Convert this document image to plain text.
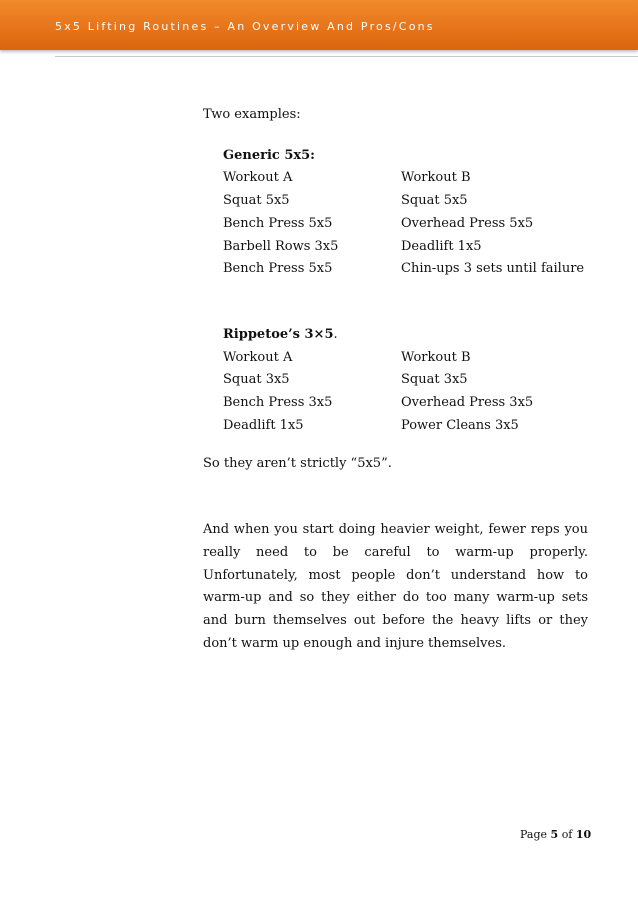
5x5 Lifting Routines – An Overview And Pros/Cons

Two examples:

Generic 5x5:
Workout A	Workout B
Squat 5x5	Squat 5x5
Bench Press 5x5	Overhead Press 5x5
Barbell Rows 3x5	Deadlift 1x5
Bench Press 5x5	Chin-ups 3 sets until failure
Rippetoe’s 3×5.
Workout A	Workout B
Squat 3x5	Squat 3x5
Bench Press 3x5	Overhead Press 3x5
Deadlift 1x5	Power Cleans 3x5

So they aren’t strictly “5x5”.

And when you start doing heavier weight, fewer reps you really need to be careful to warm-up properly. Unfortunately, most people don’t understand how to warm-up and so they either do too many warm-up sets and burn themselves out before the heavy lifts or they don’t warm up enough and injure themselves.

Page 5 of 10
